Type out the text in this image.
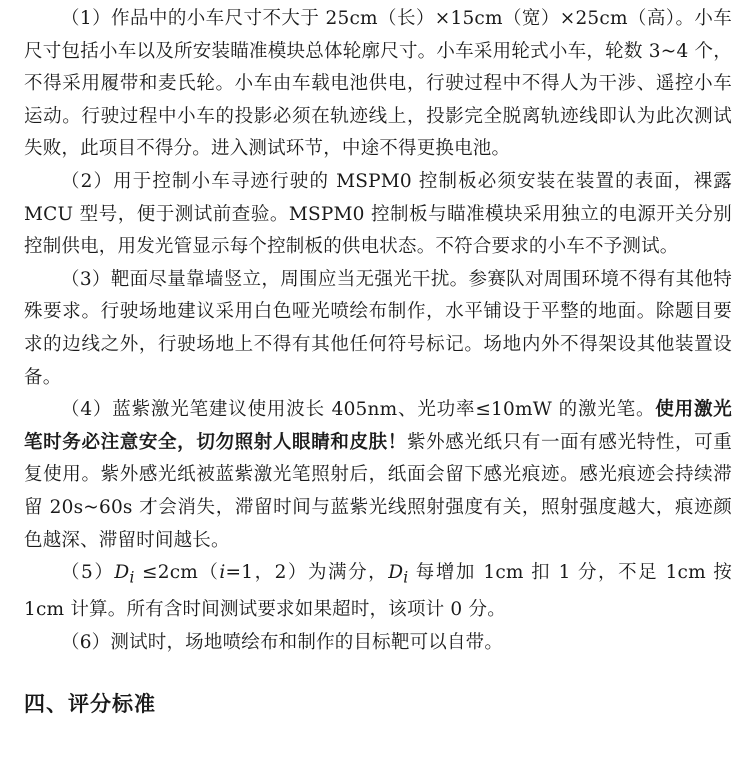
（1）作品中的小车尺寸不大于 25cm（长）×15cm（宽）×25cm（高）。小车尺寸包括小车以及所安装瞄准模块总体轮廓尺寸。小车采用轮式小车，轮数 3~4 个，不得采用履带和麦氏轮。小车由车载电池供电，行驶过程中不得人为干涉、遥控小车运动。行驶过程中小车的投影必须在轨迹线上，投影完全脱离轨迹线即认为此次测试失败，此项目不得分。进入测试环节，中途不得更换电池。

（2）用于控制小车寻迹行驶的 MSPM0 控制板必须安装在装置的表面，裸露 MCU 型号，便于测试前查验。MSPM0 控制板与瞄准模块采用独立的电源开关分别控制供电，用发光管显示每个控制板的供电状态。不符合要求的小车不予测试。

（3）靶面尽量靠墙竖立，周围应当无强光干扰。参赛队对周围环境不得有其他特殊要求。行驶场地建议采用白色哑光喷绘布制作，水平铺设于平整的地面。除题目要求的边线之外，行驶场地上不得有其他任何符号标记。场地内外不得架设其他装置设备。

（4）蓝紫激光笔建议使用波长 405nm、光功率≤10mW 的激光笔。使用激光笔时务必注意安全，切勿照射人眼睛和皮肤！紫外感光纸只有一面有感光特性，可重复使用。紫外感光纸被蓝紫激光笔照射后，纸面会留下感光痕迹。感光痕迹会持续滞留 20s~60s 才会消失，滞留时间与蓝紫光线照射强度有关，照射强度越大，痕迹颜色越深、滞留时间越长。

$(5)D_i \le 2cm(i=1$，2）为满分，$D_i$ 每增加 1cm 扣 1 分，不足 1cm 按 1cm 计算。所有含时间测试要求如果超时，该项计 0 分。

（6）测试时，场地喷绘布和制作的目标靶可以自带。

四、评分标准
